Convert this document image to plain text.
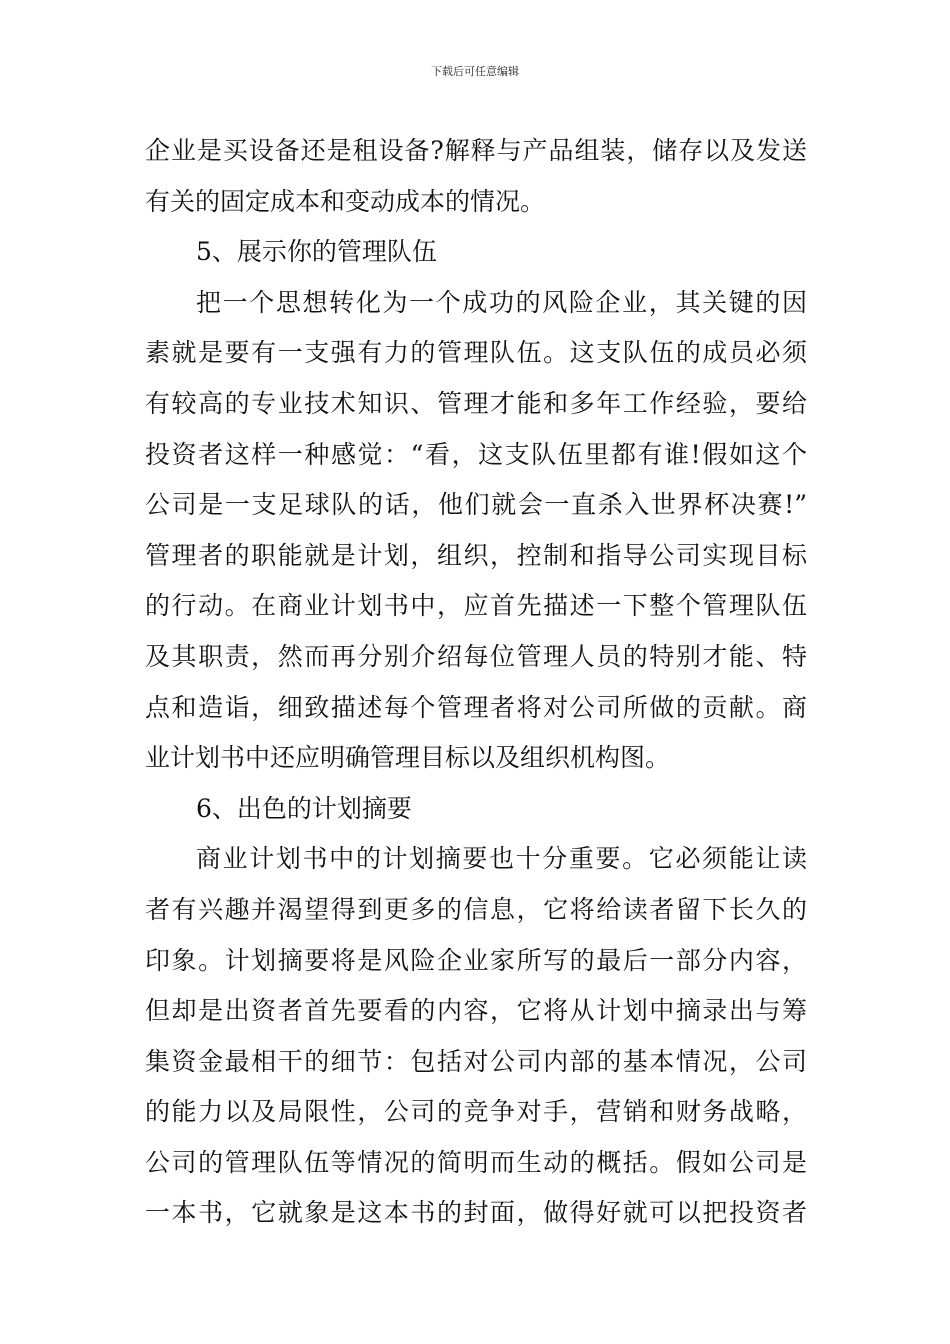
下载后可任意编辑
企业是买设备还是租设备?解释与产品组装，储存以及发送
有关的固定成本和变动成本的情况。
5、展示你的管理队伍
把一个思想转化为一个成功的风险企业，其关键的因
素就是要有一支强有力的管理队伍。这支队伍的成员必须
有较高的专业技术知识、管理才能和多年工作经验，要给
投资者这样一种感觉：“看，这支队伍里都有谁!假如这个
公司是一支足球队的话，他们就会一直杀入世界杯决赛!”
管理者的职能就是计划，组织，控制和指导公司实现目标
的行动。在商业计划书中，应首先描述一下整个管理队伍
及其职责，然而再分别介绍每位管理人员的特别才能、特
点和造诣，细致描述每个管理者将对公司所做的贡献。商
业计划书中还应明确管理目标以及组织机构图。
6、出色的计划摘要
商业计划书中的计划摘要也十分重要。它必须能让读
者有兴趣并渴望得到更多的信息，它将给读者留下长久的
印象。计划摘要将是风险企业家所写的最后一部分内容，
但却是出资者首先要看的内容，它将从计划中摘录出与筹
集资金最相干的细节：包括对公司内部的基本情况，公司
的能力以及局限性，公司的竞争对手，营销和财务战略，
公司的管理队伍等情况的简明而生动的概括。假如公司是
一本书，它就象是这本书的封面，做得好就可以把投资者
